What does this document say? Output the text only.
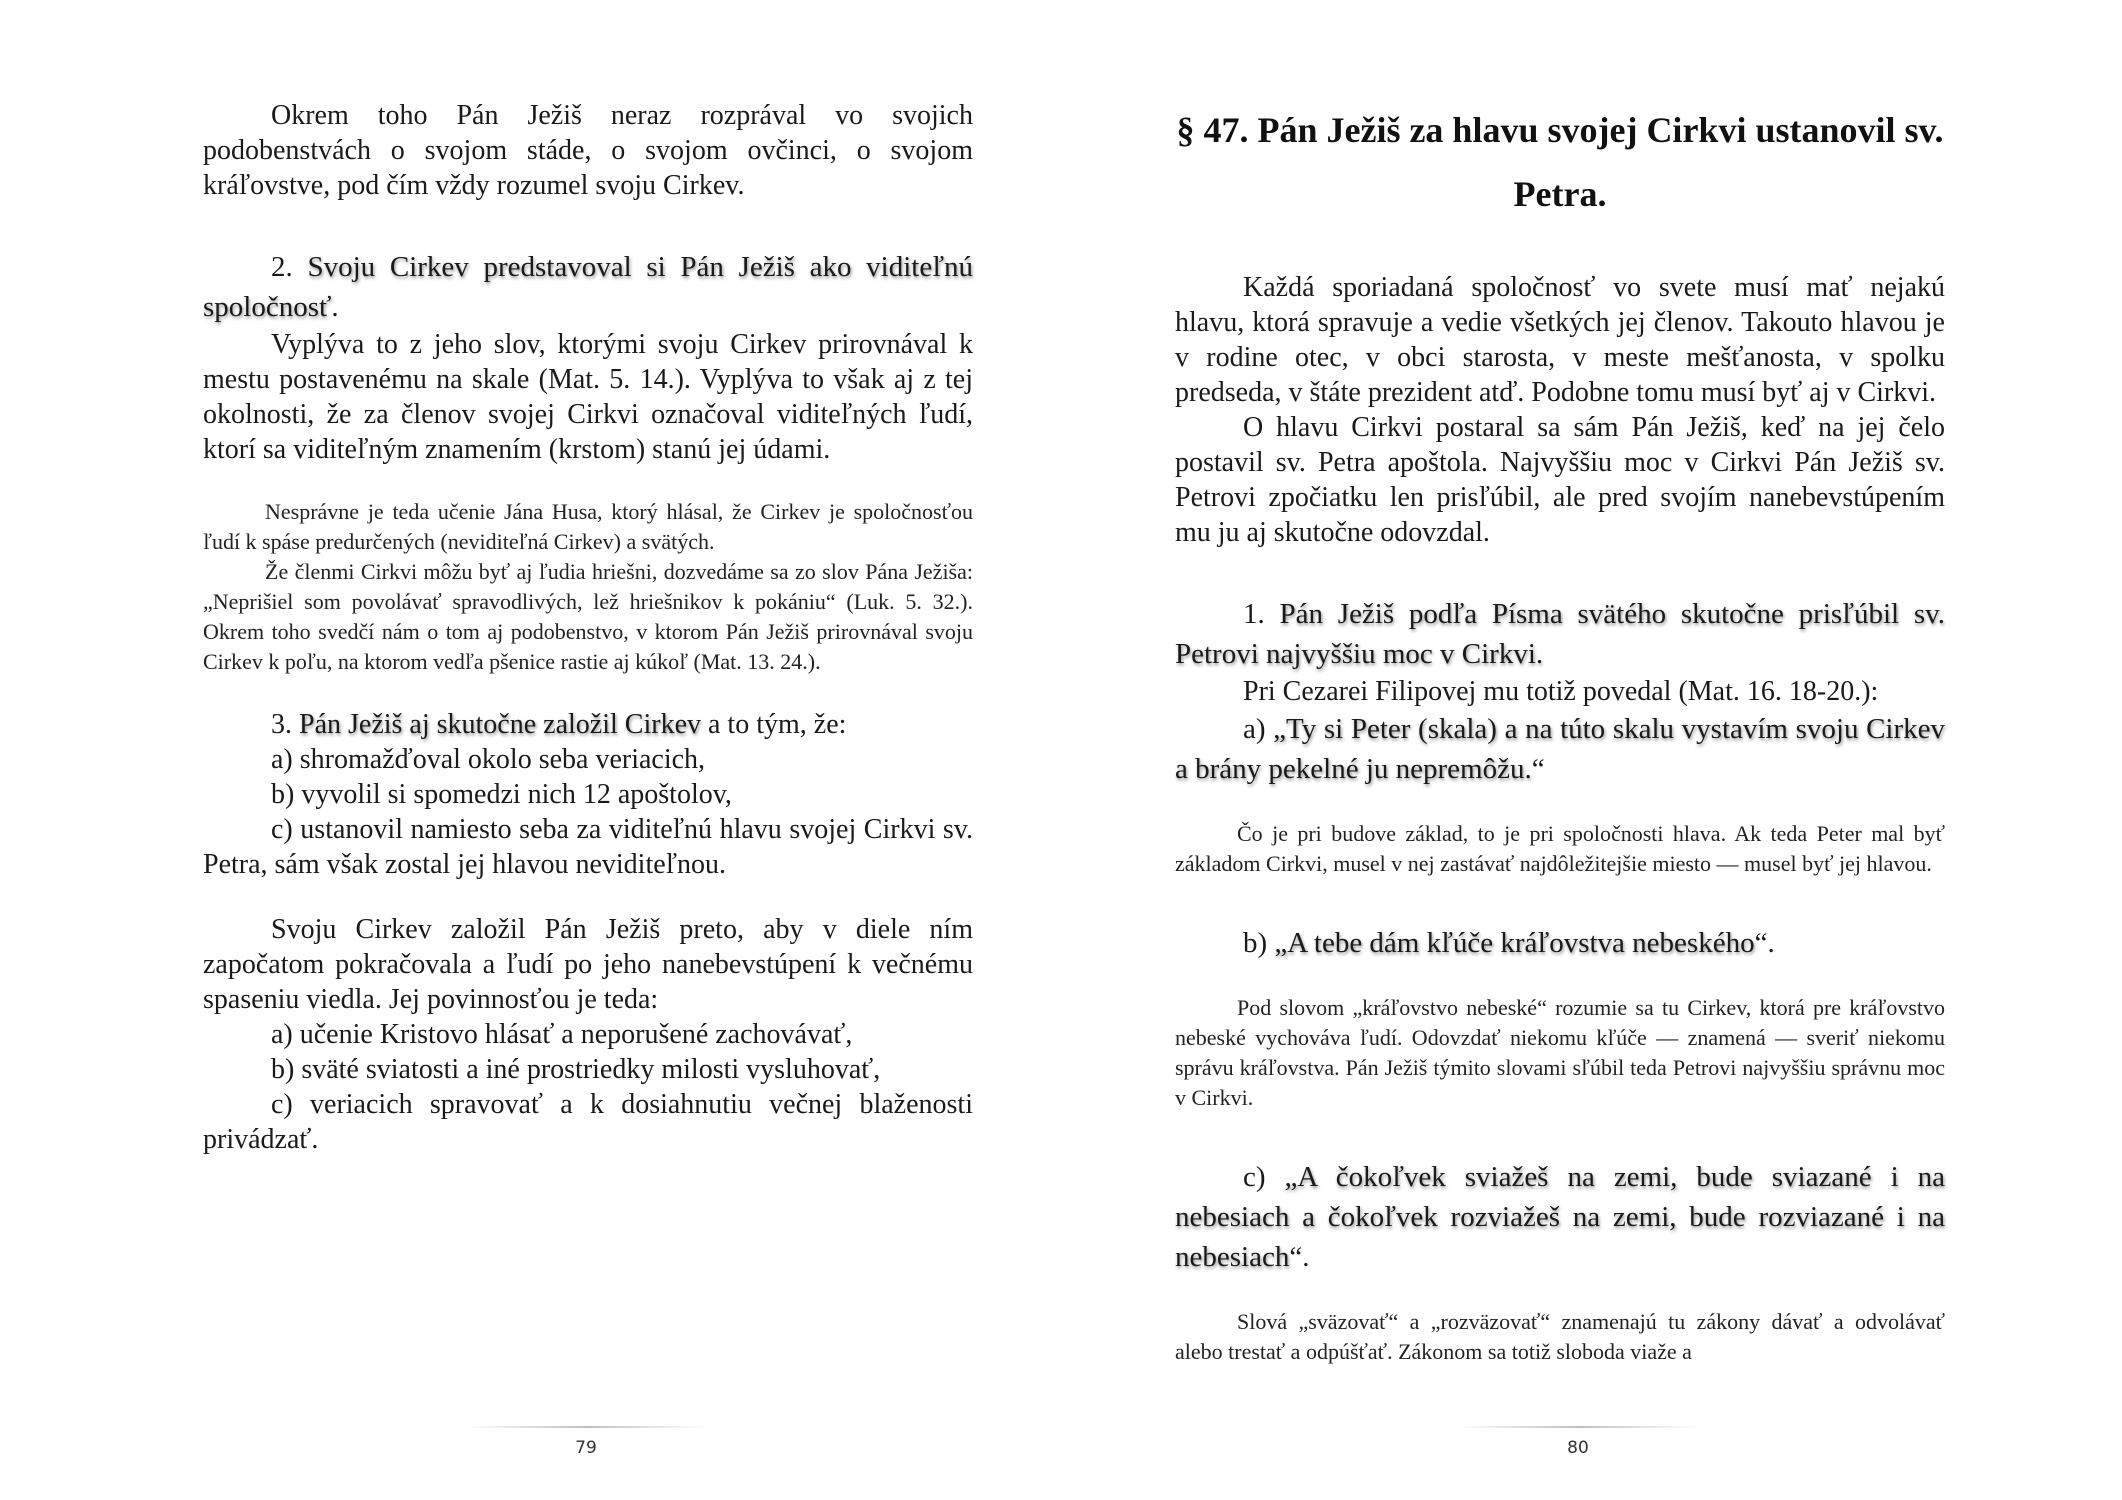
Okrem toho Pán Ježiš neraz rozprával vo svojich podobenstvách o svojom stáde, o svojom ovčinci, o svojom kráľovstve, pod čím vždy rozumel svoju Cirkev.

2. Svoju Cirkev predstavoval si Pán Ježiš ako viditeľnú spoločnosť.

Vyplýva to z jeho slov, ktorými svoju Cirkev prirovnával k mestu postavenému na skale (Mat. 5. 14.). Vyplýva to však aj z tej okolnosti, že za členov svojej Cirkvi označoval viditeľných ľudí, ktorí sa viditeľným znamením (krstom) stanú jej údami.

Nesprávne je teda učenie Jána Husa, ktorý hlásal, že Cirkev je spoločnosťou ľudí k spáse predurčených (neviditeľná Cirkev) a svätých.

Že členmi Cirkvi môžu byť aj ľudia hriešni, dozvedáme sa zo slov Pána Ježiša: „Neprišiel som povolávať spravodlivých, lež hriešnikov k pokániu“ (Luk. 5. 32.). Okrem toho svedčí nám o tom aj podobenstvo, v ktorom Pán Ježiš prirovnával svoju Cirkev k poľu, na ktorom vedľa pšenice rastie aj kúkoľ (Mat. 13. 24.).

3. Pán Ježiš aj skutočne založil Cirkev a to tým, že:

a) shromažďoval okolo seba veriacich,

b) vyvolil si spomedzi nich 12 apoštolov,

c) ustanovil namiesto seba za viditeľnú hlavu svojej Cirkvi sv. Petra, sám však zostal jej hlavou neviditeľnou.

Svoju Cirkev založil Pán Ježiš preto, aby v diele ním započatom pokračovala a ľudí po jeho nanebevstúpení k večnému spaseniu viedla. Jej povinnosťou je teda:

a) učenie Kristovo hlásať a neporušené zachovávať,

b) sväté sviatosti a iné prostriedky milosti vysluhovať,

c) veriacich spravovať a k dosiahnutiu večnej blaženosti privádzať.

79
§ 47. Pán Ježiš za hlavu svojej Cirkvi ustanovil sv. Petra.

Každá sporiadaná spoločnosť vo svete musí mať nejakú hlavu, ktorá spravuje a vedie všetkých jej členov. Takouto hlavou je v rodine otec, v obci starosta, v meste mešťanosta, v spolku predseda, v štáte prezident atď. Podobne tomu musí byť aj v Cirkvi.

O hlavu Cirkvi postaral sa sám Pán Ježiš, keď na jej čelo postavil sv. Petra apoštola. Najvyššiu moc v Cirkvi Pán Ježiš sv. Petrovi zpočiatku len prisľúbil, ale pred svojím nanebevstúpením mu ju aj skutočne odovzdal.

1. Pán Ježiš podľa Písma svätého skutočne prisľúbil sv. Petrovi najvyššiu moc v Cirkvi.

Pri Cezarei Filipovej mu totiž povedal (Mat. 16. 18-20.):

a) „Ty si Peter (skala) a na túto skalu vystavím svoju Cirkev a brány pekelné ju nepremôžu.“

Čo je pri budove základ, to je pri spoločnosti hlava. Ak teda Peter mal byť základom Cirkvi, musel v nej zastávať najdôležitejšie miesto — musel byť jej hlavou.

b) „A tebe dám kľúče kráľovstva nebeského“.

Pod slovom „kráľovstvo nebeské“ rozumie sa tu Cirkev, ktorá pre kráľovstvo nebeské vychováva ľudí. Odovzdať niekomu kľúče — znamená — sveriť niekomu správu kráľovstva. Pán Ježiš týmito slovami sľúbil teda Petrovi najvyššiu správnu moc v Cirkvi.

c) „A čokoľvek sviažeš na zemi, bude sviazané i na nebesiach a čokoľvek rozviažeš na zemi, bude rozviazané i na nebesiach“.

Slová „sväzovať“ a „rozväzovať“ znamenajú tu zákony dávať a odvolávať alebo trestať a odpúšťať. Zákonom sa totiž sloboda viaže a

80
